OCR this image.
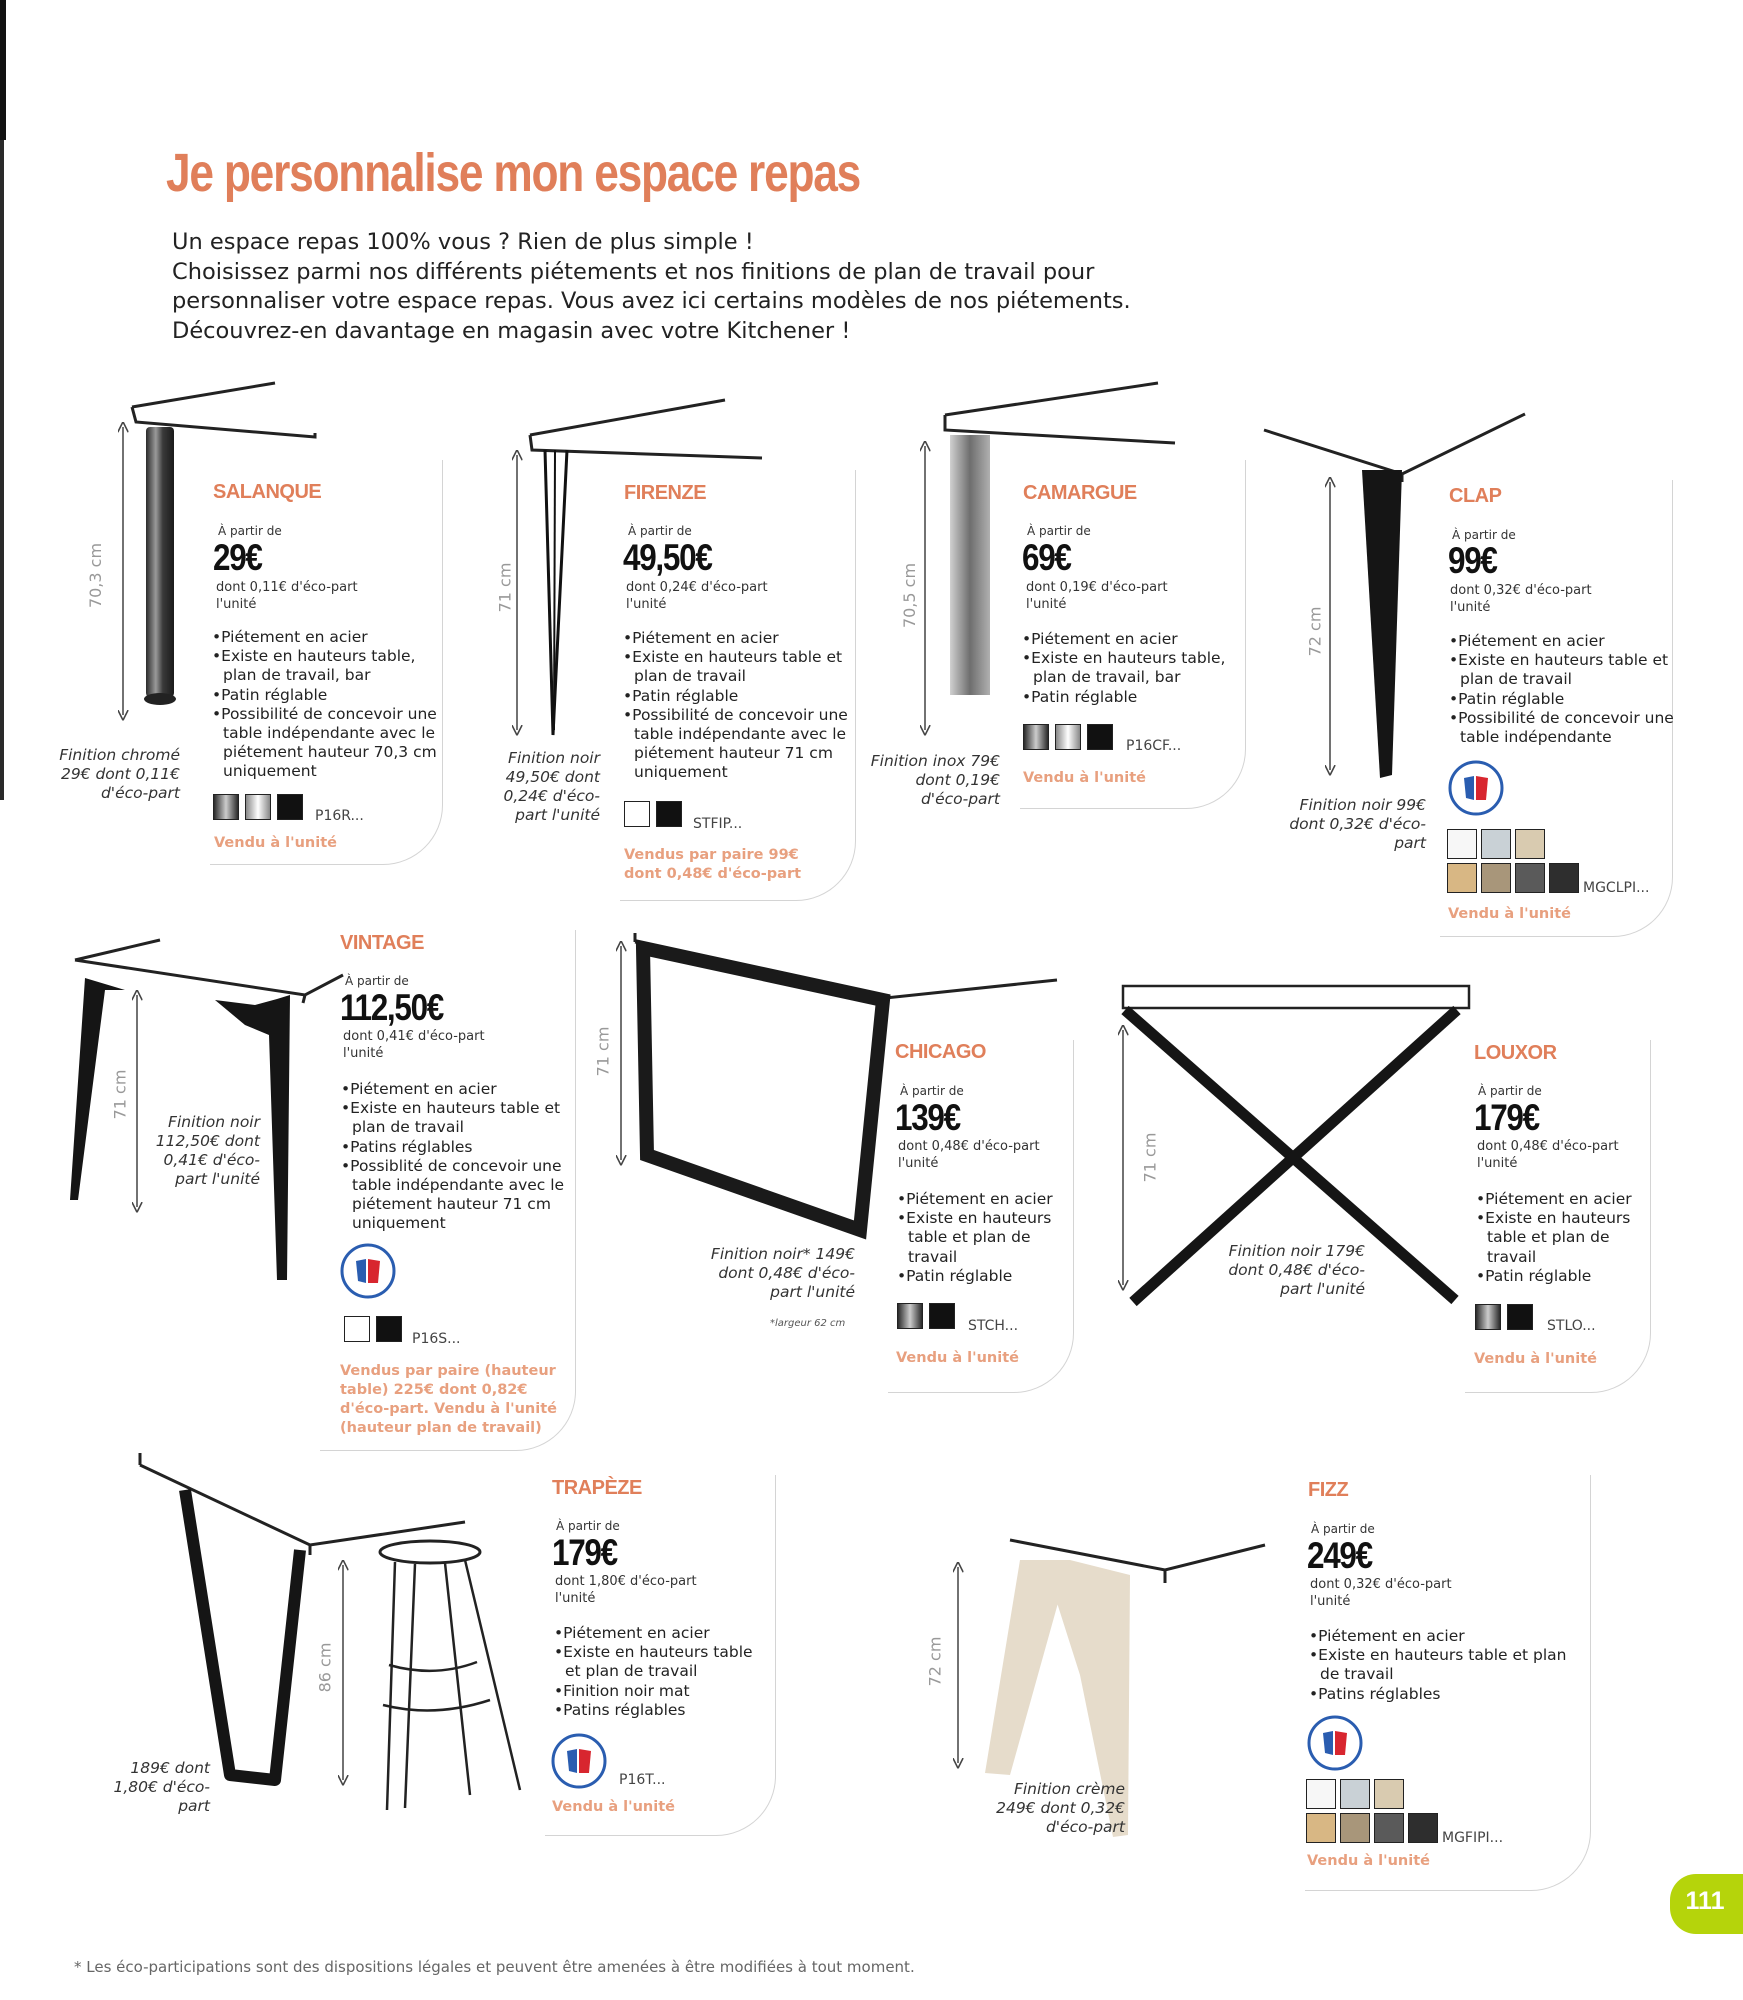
Je personnalise mon espace repas

Un espace repas 100% vous ? Rien de plus simple !

Choisissez parmi nos différents piétements et nos finitions de plan de travail pour

personnaliser votre espace repas. Vous avez ici certains modèles de nos piétements.

Découvrez-en davantage en magasin avec votre Kitchener !

SALANQUE
À partir de
29€
dont 0,11€ d'éco-part l'unité
• Piétement en acier
• Existe en hauteurs table, plan de travail, bar
• Patin réglable
• Possibilité de concevoir une table indépendante avec le piétement hauteur 70,3 cm uniquement
P16R...
Vendu à l'unité
Finition chromé 29€ dont 0,11€ d'éco-part
70,3 cm
FIRENZE
À partir de
49,50€
dont 0,24€ d'éco-part l'unité
• Piétement en acier
• Existe en hauteurs table et plan de travail
• Patin réglable
• Possibilité de concevoir une table indépendante avec le piétement hauteur 71 cm uniquement
STFIP...
Vendus par paire 99€ dont 0,48€ d'éco-part
Finition noir 49,50€ dont 0,24€ d'éco-part l'unité
71 cm
CAMARGUE
À partir de
69€
dont 0,19€ d'éco-part l'unité
• Piétement en acier
• Existe en hauteurs table, plan de travail, bar
• Patin réglable
P16CF...
Vendu à l'unité
Finition inox 79€ dont 0,19€ d'éco-part
70,5 cm
CLAP
À partir de
99€
dont 0,32€ d'éco-part l'unité
• Piétement en acier
• Existe en hauteurs table et plan de travail
• Patin réglable
• Possibilité de concevoir une table indépendante
MGCLPI...
Vendu à l'unité
Finition noir 99€ dont 0,32€ d'éco-part
72 cm
VINTAGE
À partir de
112,50€
dont 0,41€ d'éco-part l'unité
• Piétement en acier
• Existe en hauteurs table et plan de travail
• Patins réglables
• Possiblité de concevoir une table indépendante avec le piétement hauteur 71 cm uniquement
P16S...
Vendus par paire (hauteur table) 225€ dont 0,82€ d'éco-part. Vendu à l'unité (hauteur plan de travail)
Finition noir 112,50€ dont 0,41€ d'éco-part l'unité
71 cm
CHICAGO
À partir de
139€
dont 0,48€ d'éco-part l'unité
• Piétement en acier
• Existe en hauteurs table et plan de travail
• Patin réglable
STCH...
Vendu à l'unité
Finition noir* 149€ dont 0,48€ d'éco-part l'unité
*largeur 62 cm
71 cm	LOUXOR
À partir de
179€
dont 0,48€ d'éco-part l'unité
• Piétement en acier
• Existe en hauteurs table et plan de travail
• Patin réglable
STLO...
Vendu à l'unité
Finition noir 179€ dont 0,48€ d'éco-part l'unité
71 cm
TRAPÈZE
À partir de
179€
dont 1,80€ d'éco-part l'unité
• Piétement en acier
• Existe en hauteurs table et plan de travail
• Finition noir mat
• Patins réglables
P16T...
Vendu à l'unité
189€ dont 1,80€ d'éco-part
86 cm
FIZZ
À partir de
249€
dont 0,32€ d'éco-part l'unité
• Piétement en acier
• Existe en hauteurs table et plan de travail
• Patins réglables
MGFIPI...
Vendu à l'unité
Finition crème 249€ dont 0,32€ d'éco-part
72 cm
111
* Les éco-participations sont des dispositions légales et peuvent être amenées à être modifiées à tout moment.
